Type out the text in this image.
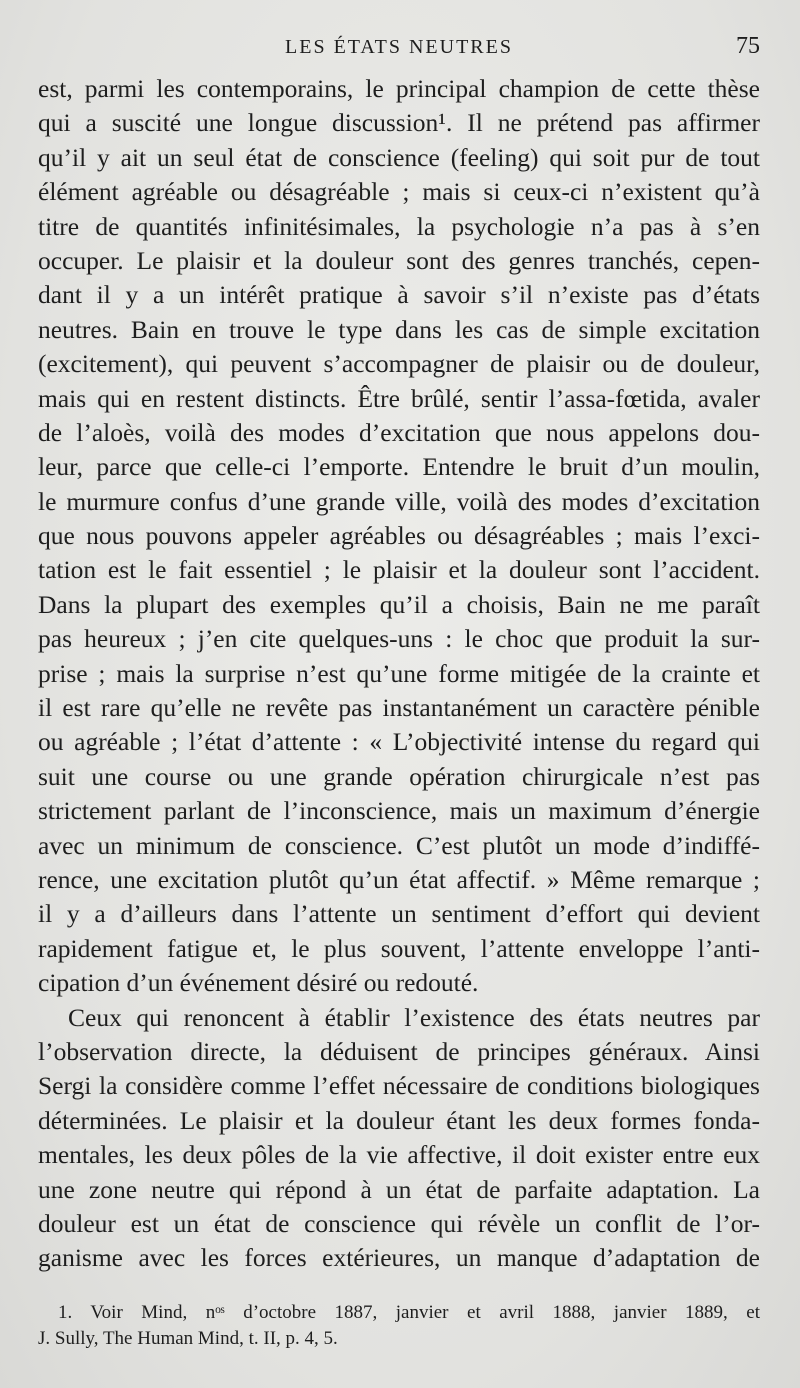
LES ÉTATS NEUTRES	75
est, parmi les contemporains, le principal champion de cette thèse
qui a suscité une longue discussion¹. Il ne prétend pas affirmer
qu’il y ait un seul état de conscience (feeling) qui soit pur de tout
élément agréable ou désagréable ; mais si ceux-ci n’existent qu’à
titre de quantités infinitésimales, la psychologie n’a pas à s’en
occuper. Le plaisir et la douleur sont des genres tranchés, cepen-
dant il y a un intérêt pratique à savoir s’il n’existe pas d’états
neutres. Bain en trouve le type dans les cas de simple excitation
(excitement), qui peuvent s’accompagner de plaisir ou de douleur,
mais qui en restent distincts. Être brûlé, sentir l’assa-fœtida, avaler
de l’aloès, voilà des modes d’excitation que nous appelons dou-
leur, parce que celle-ci l’emporte. Entendre le bruit d’un moulin,
le murmure confus d’une grande ville, voilà des modes d’excitation
que nous pouvons appeler agréables ou désagréables ; mais l’exci-
tation est le fait essentiel ; le plaisir et la douleur sont l’accident.
Dans la plupart des exemples qu’il a choisis, Bain ne me paraît
pas heureux ; j’en cite quelques-uns : le choc que produit la sur-
prise ; mais la surprise n’est qu’une forme mitigée de la crainte et
il est rare qu’elle ne revête pas instantanément un caractère pénible
ou agréable ; l’état d’attente : « L’objectivité intense du regard qui
suit une course ou une grande opération chirurgicale n’est pas
strictement parlant de l’inconscience, mais un maximum d’énergie
avec un minimum de conscience. C’est plutôt un mode d’indiffé-
rence, une excitation plutôt qu’un état affectif. » Même remarque ;
il y a d’ailleurs dans l’attente un sentiment d’effort qui devient
rapidement fatigue et, le plus souvent, l’attente enveloppe l’anti-
cipation d’un événement désiré ou redouté.
Ceux qui renoncent à établir l’existence des états neutres par
l’observation directe, la déduisent de principes généraux. Ainsi
Sergi la considère comme l’effet nécessaire de conditions biologiques
déterminées. Le plaisir et la douleur étant les deux formes fonda-
mentales, les deux pôles de la vie affective, il doit exister entre eux
une zone neutre qui répond à un état de parfaite adaptation. La
douleur est un état de conscience qui révèle un conflit de l’or-
ganisme avec les forces extérieures, un manque d’adaptation de
1. Voir Mind, nᵒˢ d’octobre 1887, janvier et avril 1888, janvier 1889, et
J. Sully, The Human Mind, t. II, p. 4, 5.
